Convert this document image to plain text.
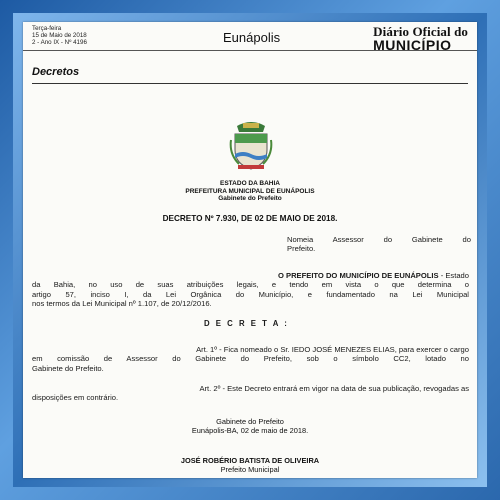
Terça-feira
15 de Maio de 2018
2 - Ano IX - Nº 4196	Eunápolis	Diário Oficial do
MUNICÍPIO
Decretos
ESTADO DA BAHIA
PREFEITURA MUNICIPAL DE EUNÁPOLIS
Gabinete do Prefeito
DECRETO Nº 7.930, DE 02 DE MAIO DE 2018.
Nomeia Assessor do Gabinete do
Prefeito.
O PREFEITO DO MUNICÍPIO DE EUNÁPOLIS - Estado
da Bahia, no uso de suas atribuições legais, e tendo em vista o que determina o
artigo 57, inciso I, da Lei Orgânica do Município, e fundamentado na Lei Municipal
nos termos da Lei Municipal nº 1.107, de 20/12/2016.
D E C R E T A :
Art. 1º - Fica nomeado o Sr. IEDO JOSÉ MENEZES ELIAS, para exercer o cargo
em comissão de Assessor do Gabinete do Prefeito, sob o símbolo CC2, lotado no
Gabinete do Prefeito.
Art. 2º - Este Decreto entrará em vigor na data de sua publicação, revogadas as
disposições em contrário.
Gabinete do Prefeito
Eunápolis-BA, 02 de maio de 2018.
JOSÉ ROBÉRIO BATISTA DE OLIVEIRA
Prefeito Municipal
